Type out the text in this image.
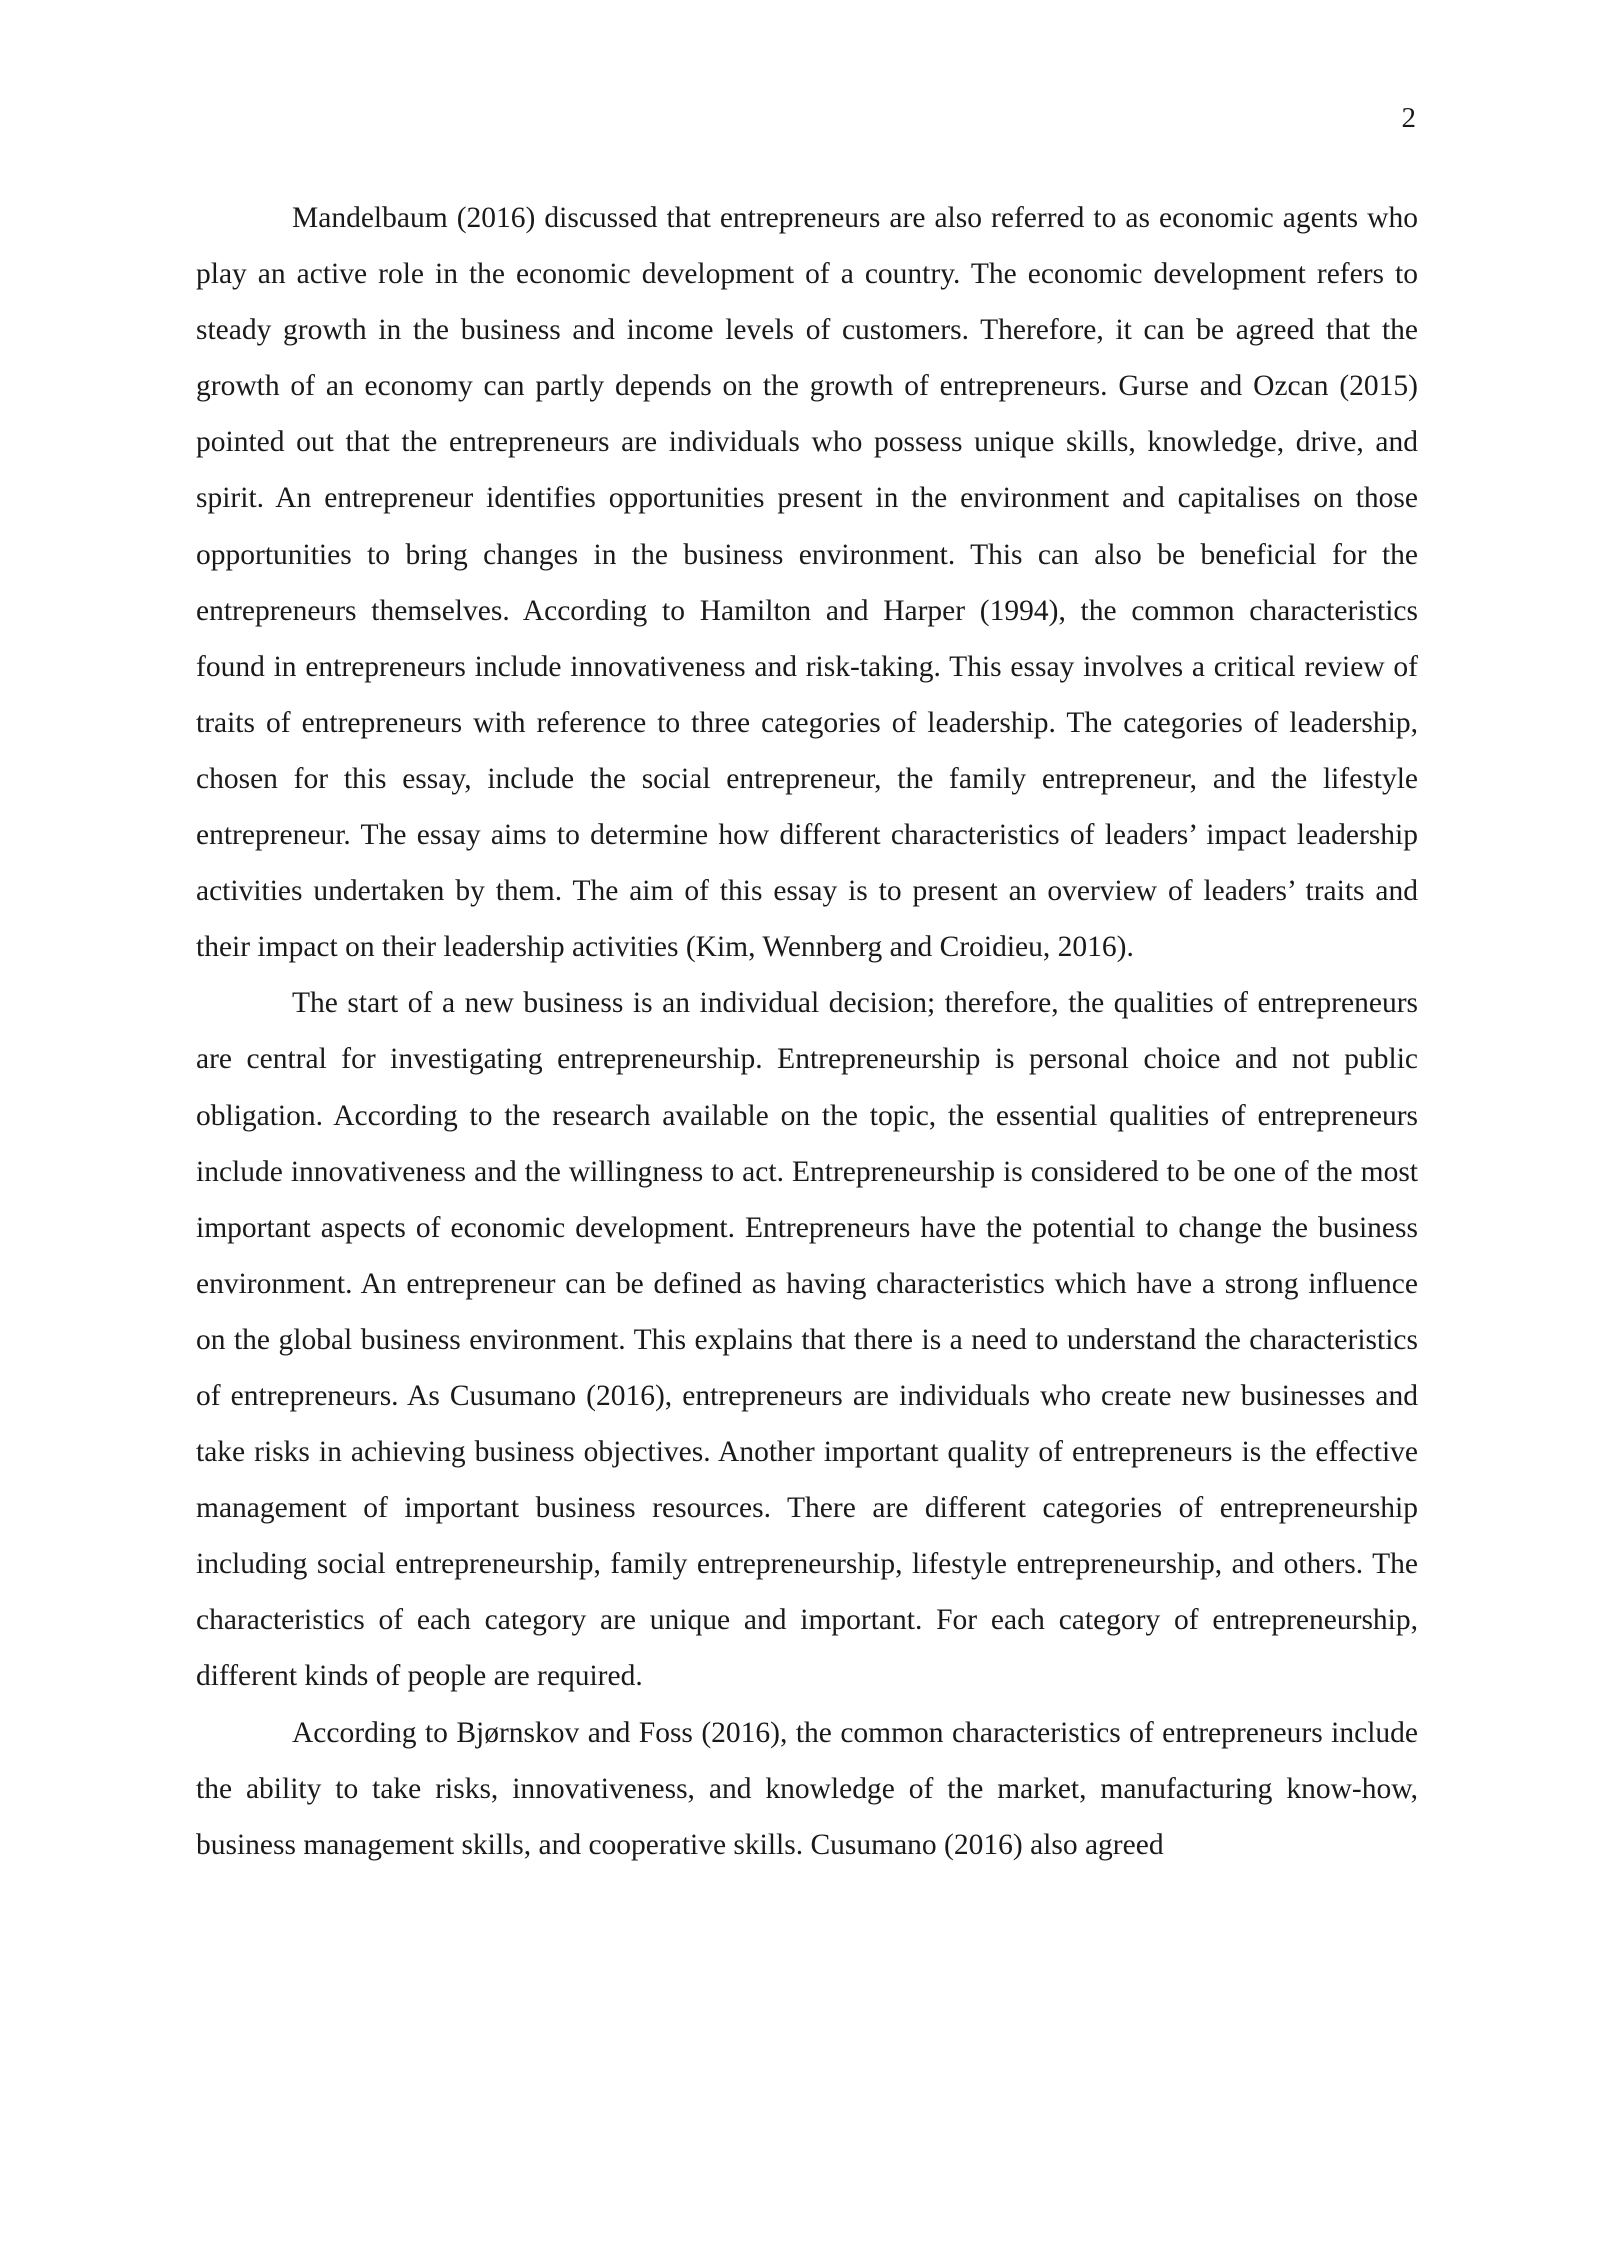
2

Mandelbaum (2016) discussed that entrepreneurs are also referred to as economic agents who play an active role in the economic development of a country. The economic development refers to steady growth in the business and income levels of customers. Therefore, it can be agreed that the growth of an economy can partly depends on the growth of entrepreneurs. Gurse and Ozcan (2015) pointed out that the entrepreneurs are individuals who possess unique skills, knowledge, drive, and spirit. An entrepreneur identifies opportunities present in the environment and capitalises on those opportunities to bring changes in the business environment. This can also be beneficial for the entrepreneurs themselves. According to Hamilton and Harper (1994), the common characteristics found in entrepreneurs include innovativeness and risk-taking. This essay involves a critical review of traits of entrepreneurs with reference to three categories of leadership. The categories of leadership, chosen for this essay, include the social entrepreneur, the family entrepreneur, and the lifestyle entrepreneur. The essay aims to determine how different characteristics of leaders’ impact leadership activities undertaken by them. The aim of this essay is to present an overview of leaders’ traits and their impact on their leadership activities (Kim, Wennberg and Croidieu, 2016).

The start of a new business is an individual decision; therefore, the qualities of entrepreneurs are central for investigating entrepreneurship. Entrepreneurship is personal choice and not public obligation. According to the research available on the topic, the essential qualities of entrepreneurs include innovativeness and the willingness to act. Entrepreneurship is considered to be one of the most important aspects of economic development. Entrepreneurs have the potential to change the business environment. An entrepreneur can be defined as having characteristics which have a strong influence on the global business environment. This explains that there is a need to understand the characteristics of entrepreneurs. As Cusumano (2016), entrepreneurs are individuals who create new businesses and take risks in achieving business objectives. Another important quality of entrepreneurs is the effective management of important business resources. There are different categories of entrepreneurship including social entrepreneurship, family entrepreneurship, lifestyle entrepreneurship, and others. The characteristics of each category are unique and important. For each category of entrepreneurship, different kinds of people are required.

According to Bjørnskov and Foss (2016), the common characteristics of entrepreneurs include the ability to take risks, innovativeness, and knowledge of the market, manufacturing know-how, business management skills, and cooperative skills. Cusumano (2016) also agreed
